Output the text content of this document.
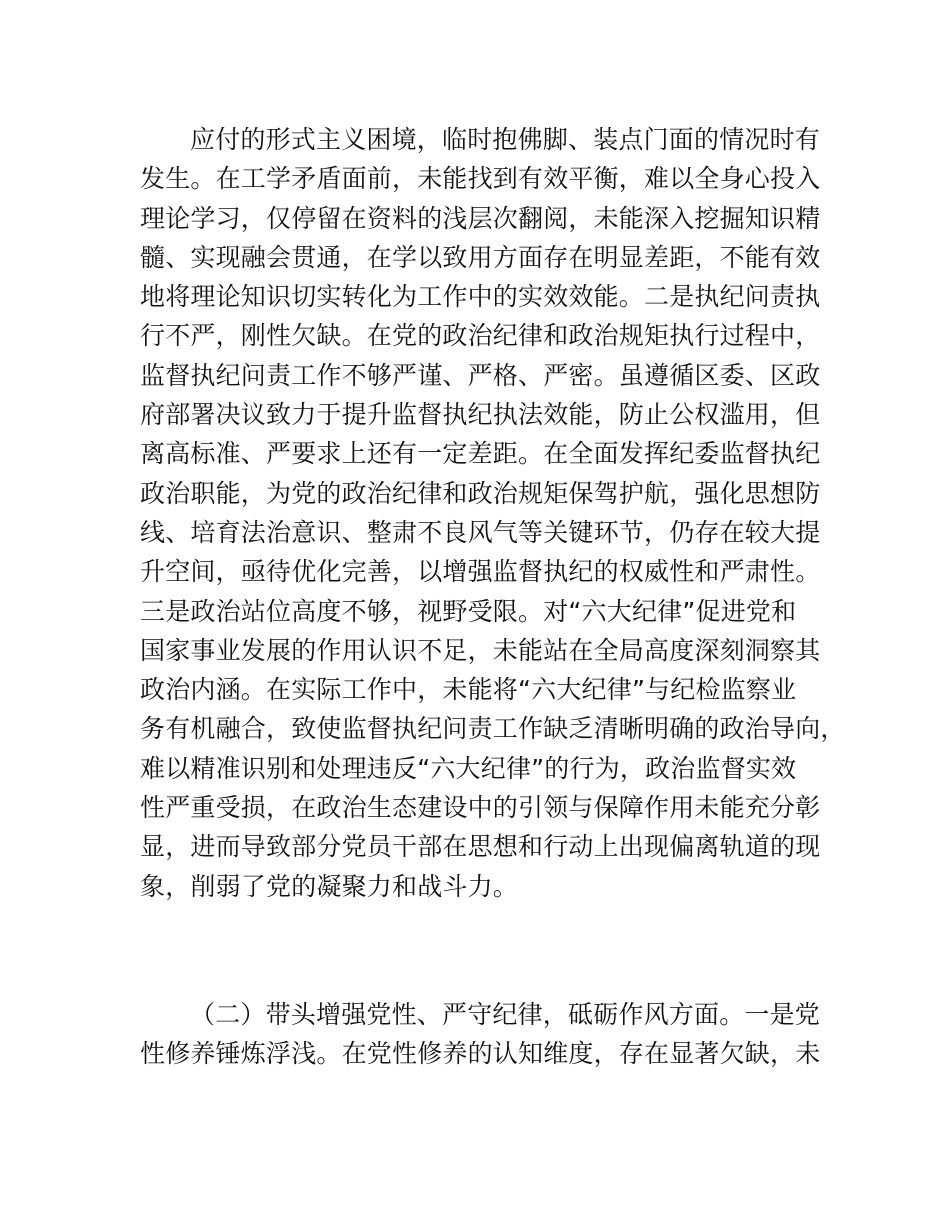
应付的形式主义困境，临时抱佛脚、装点门面的情况时有
发生。在工学矛盾面前，未能找到有效平衡，难以全身心投入
理论学习，仅停留在资料的浅层次翻阅，未能深入挖掘知识精
髓、实现融会贯通，在学以致用方面存在明显差距，不能有效
地将理论知识切实转化为工作中的实效效能。二是执纪问责执
行不严，刚性欠缺。在党的政治纪律和政治规矩执行过程中，
监督执纪问责工作不够严谨、严格、严密。虽遵循区委、区政
府部署决议致力于提升监督执纪执法效能，防止公权滥用，但
离高标准、严要求上还有一定差距。在全面发挥纪委监督执纪
政治职能，为党的政治纪律和政治规矩保驾护航，强化思想防
线、培育法治意识、整肃不良风气等关键环节，仍存在较大提
升空间，亟待优化完善，以增强监督执纪的权威性和严肃性。
三是政治站位高度不够，视野受限。对“六大纪律”促进党和
国家事业发展的作用认识不足，未能站在全局高度深刻洞察其
政治内涵。在实际工作中，未能将“六大纪律”与纪检监察业
务有机融合，致使监督执纪问责工作缺乏清晰明确的政治导向，
难以精准识别和处理违反“六大纪律”的行为，政治监督实效
性严重受损，在政治生态建设中的引领与保障作用未能充分彰
显，进而导致部分党员干部在思想和行动上出现偏离轨道的现
象，削弱了党的凝聚力和战斗力。
（二）带头增强党性、严守纪律，砥砺作风方面。一是党
性修养锤炼浮浅。在党性修养的认知维度，存在显著欠缺，未
